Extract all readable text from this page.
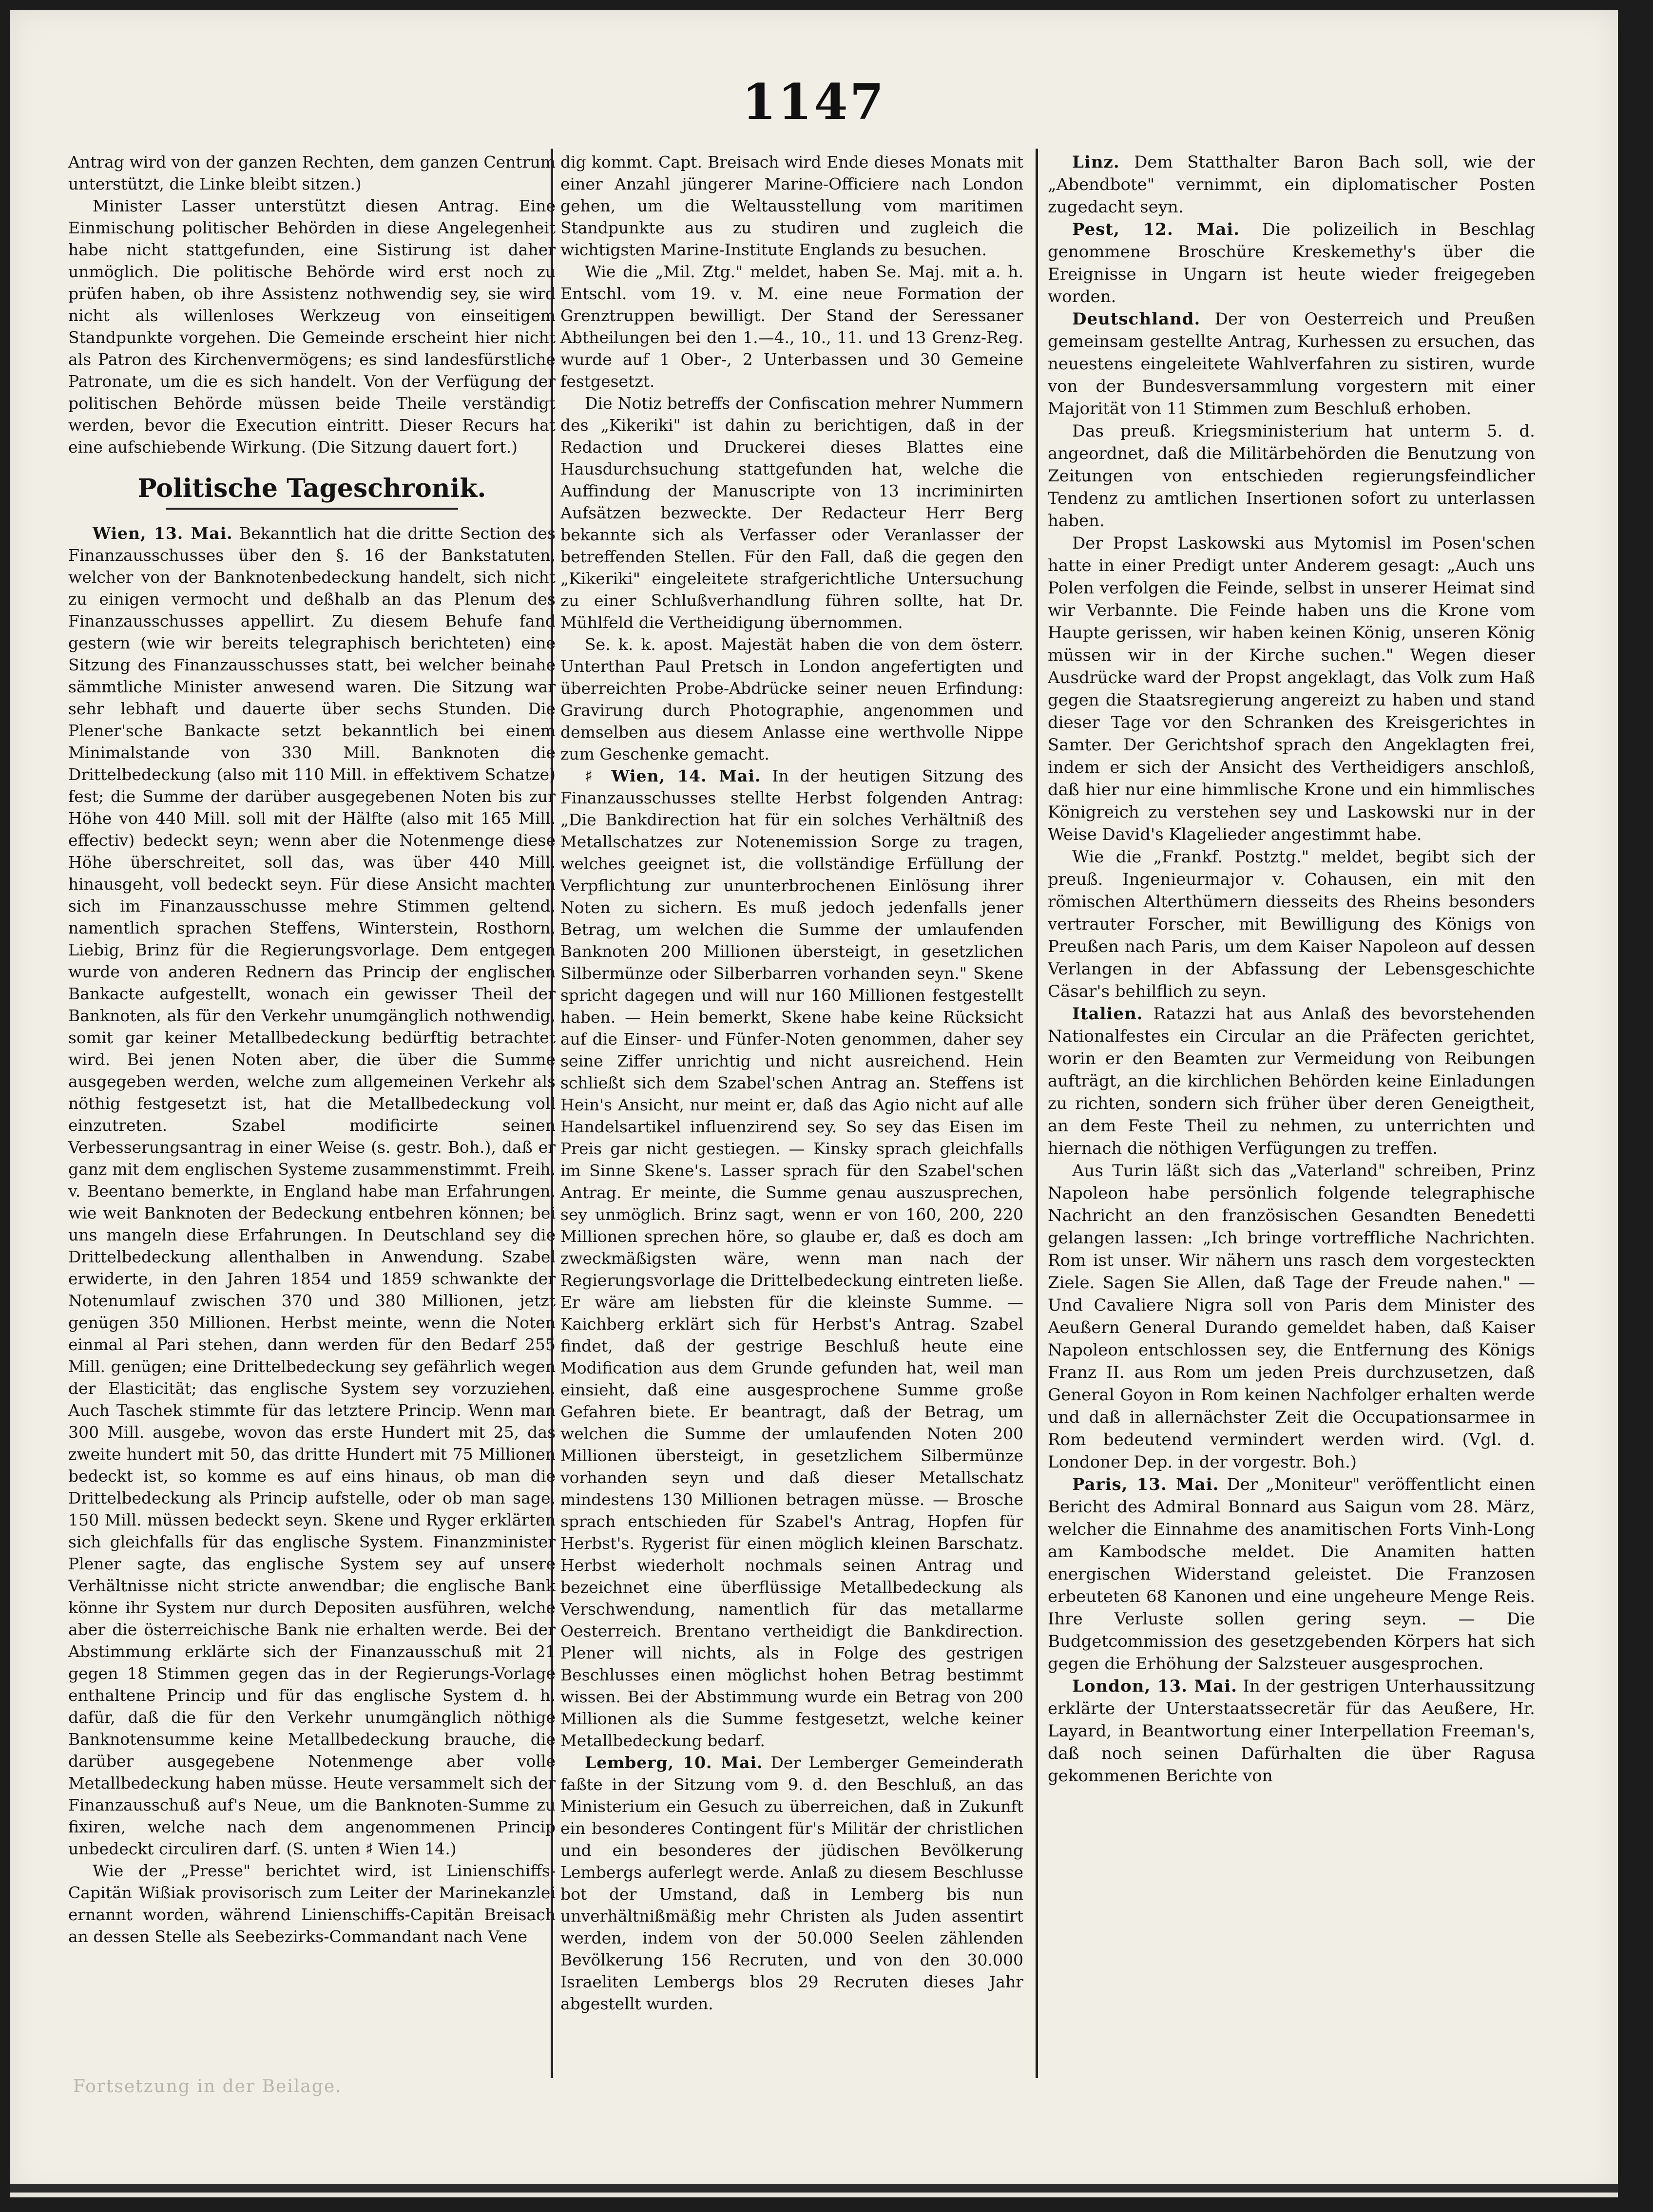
1147

Antrag wird von der ganzen Rechten, dem ganzen Centrum unterstützt, die Linke bleibt sitzen.)

Minister Lasser unterstützt diesen Antrag. Eine Einmischung politischer Behörden in diese Angelegenheit habe nicht stattgefunden, eine Sistirung ist daher unmöglich. Die politische Behörde wird erst noch zu prüfen haben, ob ihre Assistenz nothwendig sey, sie wird nicht als willenloses Werkzeug von einseitigem Standpunkte vorgehen. Die Gemeinde erscheint hier nicht als Patron des Kirchenvermögens; es sind landesfürstliche Patronate, um die es sich handelt. Von der Verfügung der politischen Behörde müssen beide Theile verständigt werden, bevor die Execution eintritt. Dieser Recurs hat eine aufschiebende Wirkung. (Die Sitzung dauert fort.)

Politische Tageschronik.

Wien, 13. Mai. Bekanntlich hat die dritte Section des Finanzausschusses über den §. 16 der Bankstatuten, welcher von der Banknotenbedeckung handelt, sich nicht zu einigen vermocht und deßhalb an das Plenum des Finanzausschusses appellirt. Zu diesem Behufe fand gestern (wie wir bereits telegraphisch berichteten) eine Sitzung des Finanzausschusses statt, bei welcher beinahe sämmtliche Minister anwesend waren. Die Sitzung war sehr lebhaft und dauerte über sechs Stunden. Die Plener'sche Bankacte setzt bekanntlich bei einem Minimalstande von 330 Mill. Banknoten die Drittelbedeckung (also mit 110 Mill. in effektivem Schatze) fest; die Summe der darüber ausgegebenen Noten bis zur Höhe von 440 Mill. soll mit der Hälfte (also mit 165 Mill. effectiv) bedeckt seyn; wenn aber die Notenmenge diese Höhe überschreitet, soll das, was über 440 Mill. hinausgeht, voll bedeckt seyn. Für diese Ansicht machten sich im Finanzausschusse mehre Stimmen geltend, namentlich sprachen Steffens, Winterstein, Rosthorn, Liebig, Brinz für die Regierungsvorlage. Dem entgegen wurde von anderen Rednern das Princip der englischen Bankacte aufgestellt, wonach ein gewisser Theil der Banknoten, als für den Verkehr unumgänglich nothwendig, somit gar keiner Metallbedeckung bedürftig betrachtet wird. Bei jenen Noten aber, die über die Summe ausgegeben werden, welche zum allgemeinen Verkehr als nöthig festgesetzt ist, hat die Metallbedeckung voll einzutreten. Szabel modificirte seinen Verbesserungsantrag in einer Weise (s. gestr. Boh.), daß er ganz mit dem englischen Systeme zusammenstimmt. Freih. v. Beentano bemerkte, in England habe man Erfahrungen, wie weit Banknoten der Bedeckung entbehren können; bei uns mangeln diese Erfahrungen. In Deutschland sey die Drittelbedeckung allenthalben in Anwendung. Szabel erwiderte, in den Jahren 1854 und 1859 schwankte der Notenumlauf zwischen 370 und 380 Millionen, jetzt genügen 350 Millionen. Herbst meinte, wenn die Noten einmal al Pari stehen, dann werden für den Bedarf 255 Mill. genügen; eine Drittelbedeckung sey gefährlich wegen der Elasticität; das englische System sey vorzuziehen. Auch Taschek stimmte für das letztere Princip. Wenn man 300 Mill. ausgebe, wovon das erste Hundert mit 25, das zweite hundert mit 50, das dritte Hundert mit 75 Millionen bedeckt ist, so komme es auf eins hinaus, ob man die Drittelbedeckung als Princip aufstelle, oder ob man sage, 150 Mill. müssen bedeckt seyn. Skene und Ryger erklärten sich gleichfalls für das englische System. Finanzminister Plener sagte, das englische System sey auf unsere Verhältnisse nicht stricte anwendbar; die englische Bank könne ihr System nur durch Depositen ausführen, welche aber die österreichische Bank nie erhalten werde. Bei der Abstimmung erklärte sich der Finanzausschuß mit 21 gegen 18 Stimmen gegen das in der Regierungs-Vorlage enthaltene Princip und für das englische System d. h. dafür, daß die für den Verkehr unumgänglich nöthige Banknotensumme keine Metallbedeckung brauche, die darüber ausgegebene Notenmenge aber volle Metallbedeckung haben müsse. Heute versammelt sich der Finanzausschuß auf's Neue, um die Banknoten-Summe zu fixiren, welche nach dem angenommenen Princip unbedeckt circuliren darf. (S. unten ♯ Wien 14.)

Wie der „Presse" berichtet wird, ist Linienschiffs-Capitän Wißiak provisorisch zum Leiter der Marinekanzlei ernannt worden, während Linienschiffs-Capitän Breisach an dessen Stelle als Seebezirks-Commandant nach Vene

dig kommt. Capt. Breisach wird Ende dieses Monats mit einer Anzahl jüngerer Marine-Officiere nach London gehen, um die Weltausstellung vom maritimen Standpunkte aus zu studiren und zugleich die wichtigsten Marine-Institute Englands zu besuchen.

Wie die „Mil. Ztg." meldet, haben Se. Maj. mit a. h. Entschl. vom 19. v. M. eine neue Formation der Grenztruppen bewilligt. Der Stand der Seressaner Abtheilungen bei den 1.—4., 10., 11. und 13 Grenz-Reg. wurde auf 1 Ober-, 2 Unterbassen und 30 Gemeine festgesetzt.

Die Notiz betreffs der Confiscation mehrer Nummern des „Kikeriki" ist dahin zu berichtigen, daß in der Redaction und Druckerei dieses Blattes eine Hausdurchsuchung stattgefunden hat, welche die Auffindung der Manuscripte von 13 incriminirten Aufsätzen bezweckte. Der Redacteur Herr Berg bekannte sich als Verfasser oder Veranlasser der betreffenden Stellen. Für den Fall, daß die gegen den „Kikeriki" eingeleitete strafgerichtliche Untersuchung zu einer Schlußverhandlung führen sollte, hat Dr. Mühlfeld die Vertheidigung übernommen.

Se. k. k. apost. Majestät haben die von dem österr. Unterthan Paul Pretsch in London angefertigten und überreichten Probe-Abdrücke seiner neuen Erfindung: Gravirung durch Photographie, angenommen und demselben aus diesem Anlasse eine werthvolle Nippe zum Geschenke gemacht.

♯ Wien, 14. Mai. In der heutigen Sitzung des Finanzausschusses stellte Herbst folgenden Antrag: „Die Bankdirection hat für ein solches Verhältniß des Metallschatzes zur Notenemission Sorge zu tragen, welches geeignet ist, die vollständige Erfüllung der Verpflichtung zur ununterbrochenen Einlösung ihrer Noten zu sichern. Es muß jedoch jedenfalls jener Betrag, um welchen die Summe der umlaufenden Banknoten 200 Millionen übersteigt, in gesetzlichen Silbermünze oder Silberbarren vorhanden seyn." Skene spricht dagegen und will nur 160 Millionen festgestellt haben. — Hein bemerkt, Skene habe keine Rücksicht auf die Einser- und Fünfer-Noten genommen, daher sey seine Ziffer unrichtig und nicht ausreichend. Hein schließt sich dem Szabel'schen Antrag an. Steffens ist Hein's Ansicht, nur meint er, daß das Agio nicht auf alle Handelsartikel influenzirend sey. So sey das Eisen im Preis gar nicht gestiegen. — Kinsky sprach gleichfalls im Sinne Skene's. Lasser sprach für den Szabel'schen Antrag. Er meinte, die Summe genau auszusprechen, sey unmöglich. Brinz sagt, wenn er von 160, 200, 220 Millionen sprechen höre, so glaube er, daß es doch am zweckmäßigsten wäre, wenn man nach der Regierungsvorlage die Drittelbedeckung eintreten ließe. Er wäre am liebsten für die kleinste Summe. — Kaichberg erklärt sich für Herbst's Antrag. Szabel findet, daß der gestrige Beschluß heute eine Modification aus dem Grunde gefunden hat, weil man einsieht, daß eine ausgesprochene Summe große Gefahren biete. Er beantragt, daß der Betrag, um welchen die Summe der umlaufenden Noten 200 Millionen übersteigt, in gesetzlichem Silbermünze vorhanden seyn und daß dieser Metallschatz mindestens 130 Millionen betragen müsse. — Brosche sprach entschieden für Szabel's Antrag, Hopfen für Herbst's. Rygerist für einen möglich kleinen Barschatz. Herbst wiederholt nochmals seinen Antrag und bezeichnet eine überflüssige Metallbedeckung als Verschwendung, namentlich für das metallarme Oesterreich. Brentano vertheidigt die Bankdirection. Plener will nichts, als in Folge des gestrigen Beschlusses einen möglichst hohen Betrag bestimmt wissen. Bei der Abstimmung wurde ein Betrag von 200 Millionen als die Summe festgesetzt, welche keiner Metallbedeckung bedarf.

Lemberg, 10. Mai. Der Lemberger Gemeinderath faßte in der Sitzung vom 9. d. den Beschluß, an das Ministerium ein Gesuch zu überreichen, daß in Zukunft ein besonderes Contingent für's Militär der christlichen und ein besonderes der jüdischen Bevölkerung Lembergs auferlegt werde. Anlaß zu diesem Beschlusse bot der Umstand, daß in Lemberg bis nun unverhältnißmäßig mehr Christen als Juden assentirt werden, indem von der 50.000 Seelen zählenden Bevölkerung 156 Recruten, und von den 30.000 Israeliten Lembergs blos 29 Recruten dieses Jahr abgestellt wurden.

Linz. Dem Statthalter Baron Bach soll, wie der „Abendbote" vernimmt, ein diplomatischer Posten zugedacht seyn.

Pest, 12. Mai. Die polizeilich in Beschlag genommene Broschüre Kreskemethy's über die Ereignisse in Ungarn ist heute wieder freigegeben worden.

Deutschland. Der von Oesterreich und Preußen gemeinsam gestellte Antrag, Kurhessen zu ersuchen, das neuestens eingeleitete Wahlverfahren zu sistiren, wurde von der Bundesversammlung vorgestern mit einer Majorität von 11 Stimmen zum Beschluß erhoben.

Das preuß. Kriegsministerium hat unterm 5. d. angeordnet, daß die Militärbehörden die Benutzung von Zeitungen von entschieden regierungsfeindlicher Tendenz zu amtlichen Insertionen sofort zu unterlassen haben.

Der Propst Laskowski aus Mytomisl im Posen'schen hatte in einer Predigt unter Anderem gesagt: „Auch uns Polen verfolgen die Feinde, selbst in unserer Heimat sind wir Verbannte. Die Feinde haben uns die Krone vom Haupte gerissen, wir haben keinen König, unseren König müssen wir in der Kirche suchen." Wegen dieser Ausdrücke ward der Propst angeklagt, das Volk zum Haß gegen die Staatsregierung angereizt zu haben und stand dieser Tage vor den Schranken des Kreisgerichtes in Samter. Der Gerichtshof sprach den Angeklagten frei, indem er sich der Ansicht des Vertheidigers anschloß, daß hier nur eine himmlische Krone und ein himmlisches Königreich zu verstehen sey und Laskowski nur in der Weise David's Klagelieder angestimmt habe.

Wie die „Frankf. Postztg." meldet, begibt sich der preuß. Ingenieurmajor v. Cohausen, ein mit den römischen Alterthümern diesseits des Rheins besonders vertrauter Forscher, mit Bewilligung des Königs von Preußen nach Paris, um dem Kaiser Napoleon auf dessen Verlangen in der Abfassung der Lebensgeschichte Cäsar's behilflich zu seyn.

Italien. Ratazzi hat aus Anlaß des bevorstehenden Nationalfestes ein Circular an die Präfecten gerichtet, worin er den Beamten zur Vermeidung von Reibungen aufträgt, an die kirchlichen Behörden keine Einladungen zu richten, sondern sich früher über deren Geneigtheit, an dem Feste Theil zu nehmen, zu unterrichten und hiernach die nöthigen Verfügungen zu treffen.

Aus Turin läßt sich das „Vaterland" schreiben, Prinz Napoleon habe persönlich folgende telegraphische Nachricht an den französischen Gesandten Benedetti gelangen lassen: „Ich bringe vortreffliche Nachrichten. Rom ist unser. Wir nähern uns rasch dem vorgesteckten Ziele. Sagen Sie Allen, daß Tage der Freude nahen." — Und Cavaliere Nigra soll von Paris dem Minister des Aeußern General Durando gemeldet haben, daß Kaiser Napoleon entschlossen sey, die Entfernung des Königs Franz II. aus Rom um jeden Preis durchzusetzen, daß General Goyon in Rom keinen Nachfolger erhalten werde und daß in allernächster Zeit die Occupationsarmee in Rom bedeutend vermindert werden wird. (Vgl. d. Londoner Dep. in der vorgestr. Boh.)

Paris, 13. Mai. Der „Moniteur" veröffentlicht einen Bericht des Admiral Bonnard aus Saigun vom 28. März, welcher die Einnahme des anamitischen Forts Vinh-Long am Kambodsche meldet. Die Anamiten hatten energischen Widerstand geleistet. Die Franzosen erbeuteten 68 Kanonen und eine ungeheure Menge Reis. Ihre Verluste sollen gering seyn. — Die Budgetcommission des gesetzgebenden Körpers hat sich gegen die Erhöhung der Salzsteuer ausgesprochen.

London, 13. Mai. In der gestrigen Unterhaussitzung erklärte der Unterstaatssecretär für das Aeußere, Hr. Layard, in Beantwortung einer Interpellation Freeman's, daß noch seinen Dafürhalten die über Ragusa gekommenen Berichte von

Fortsetzung in der Beilage.
